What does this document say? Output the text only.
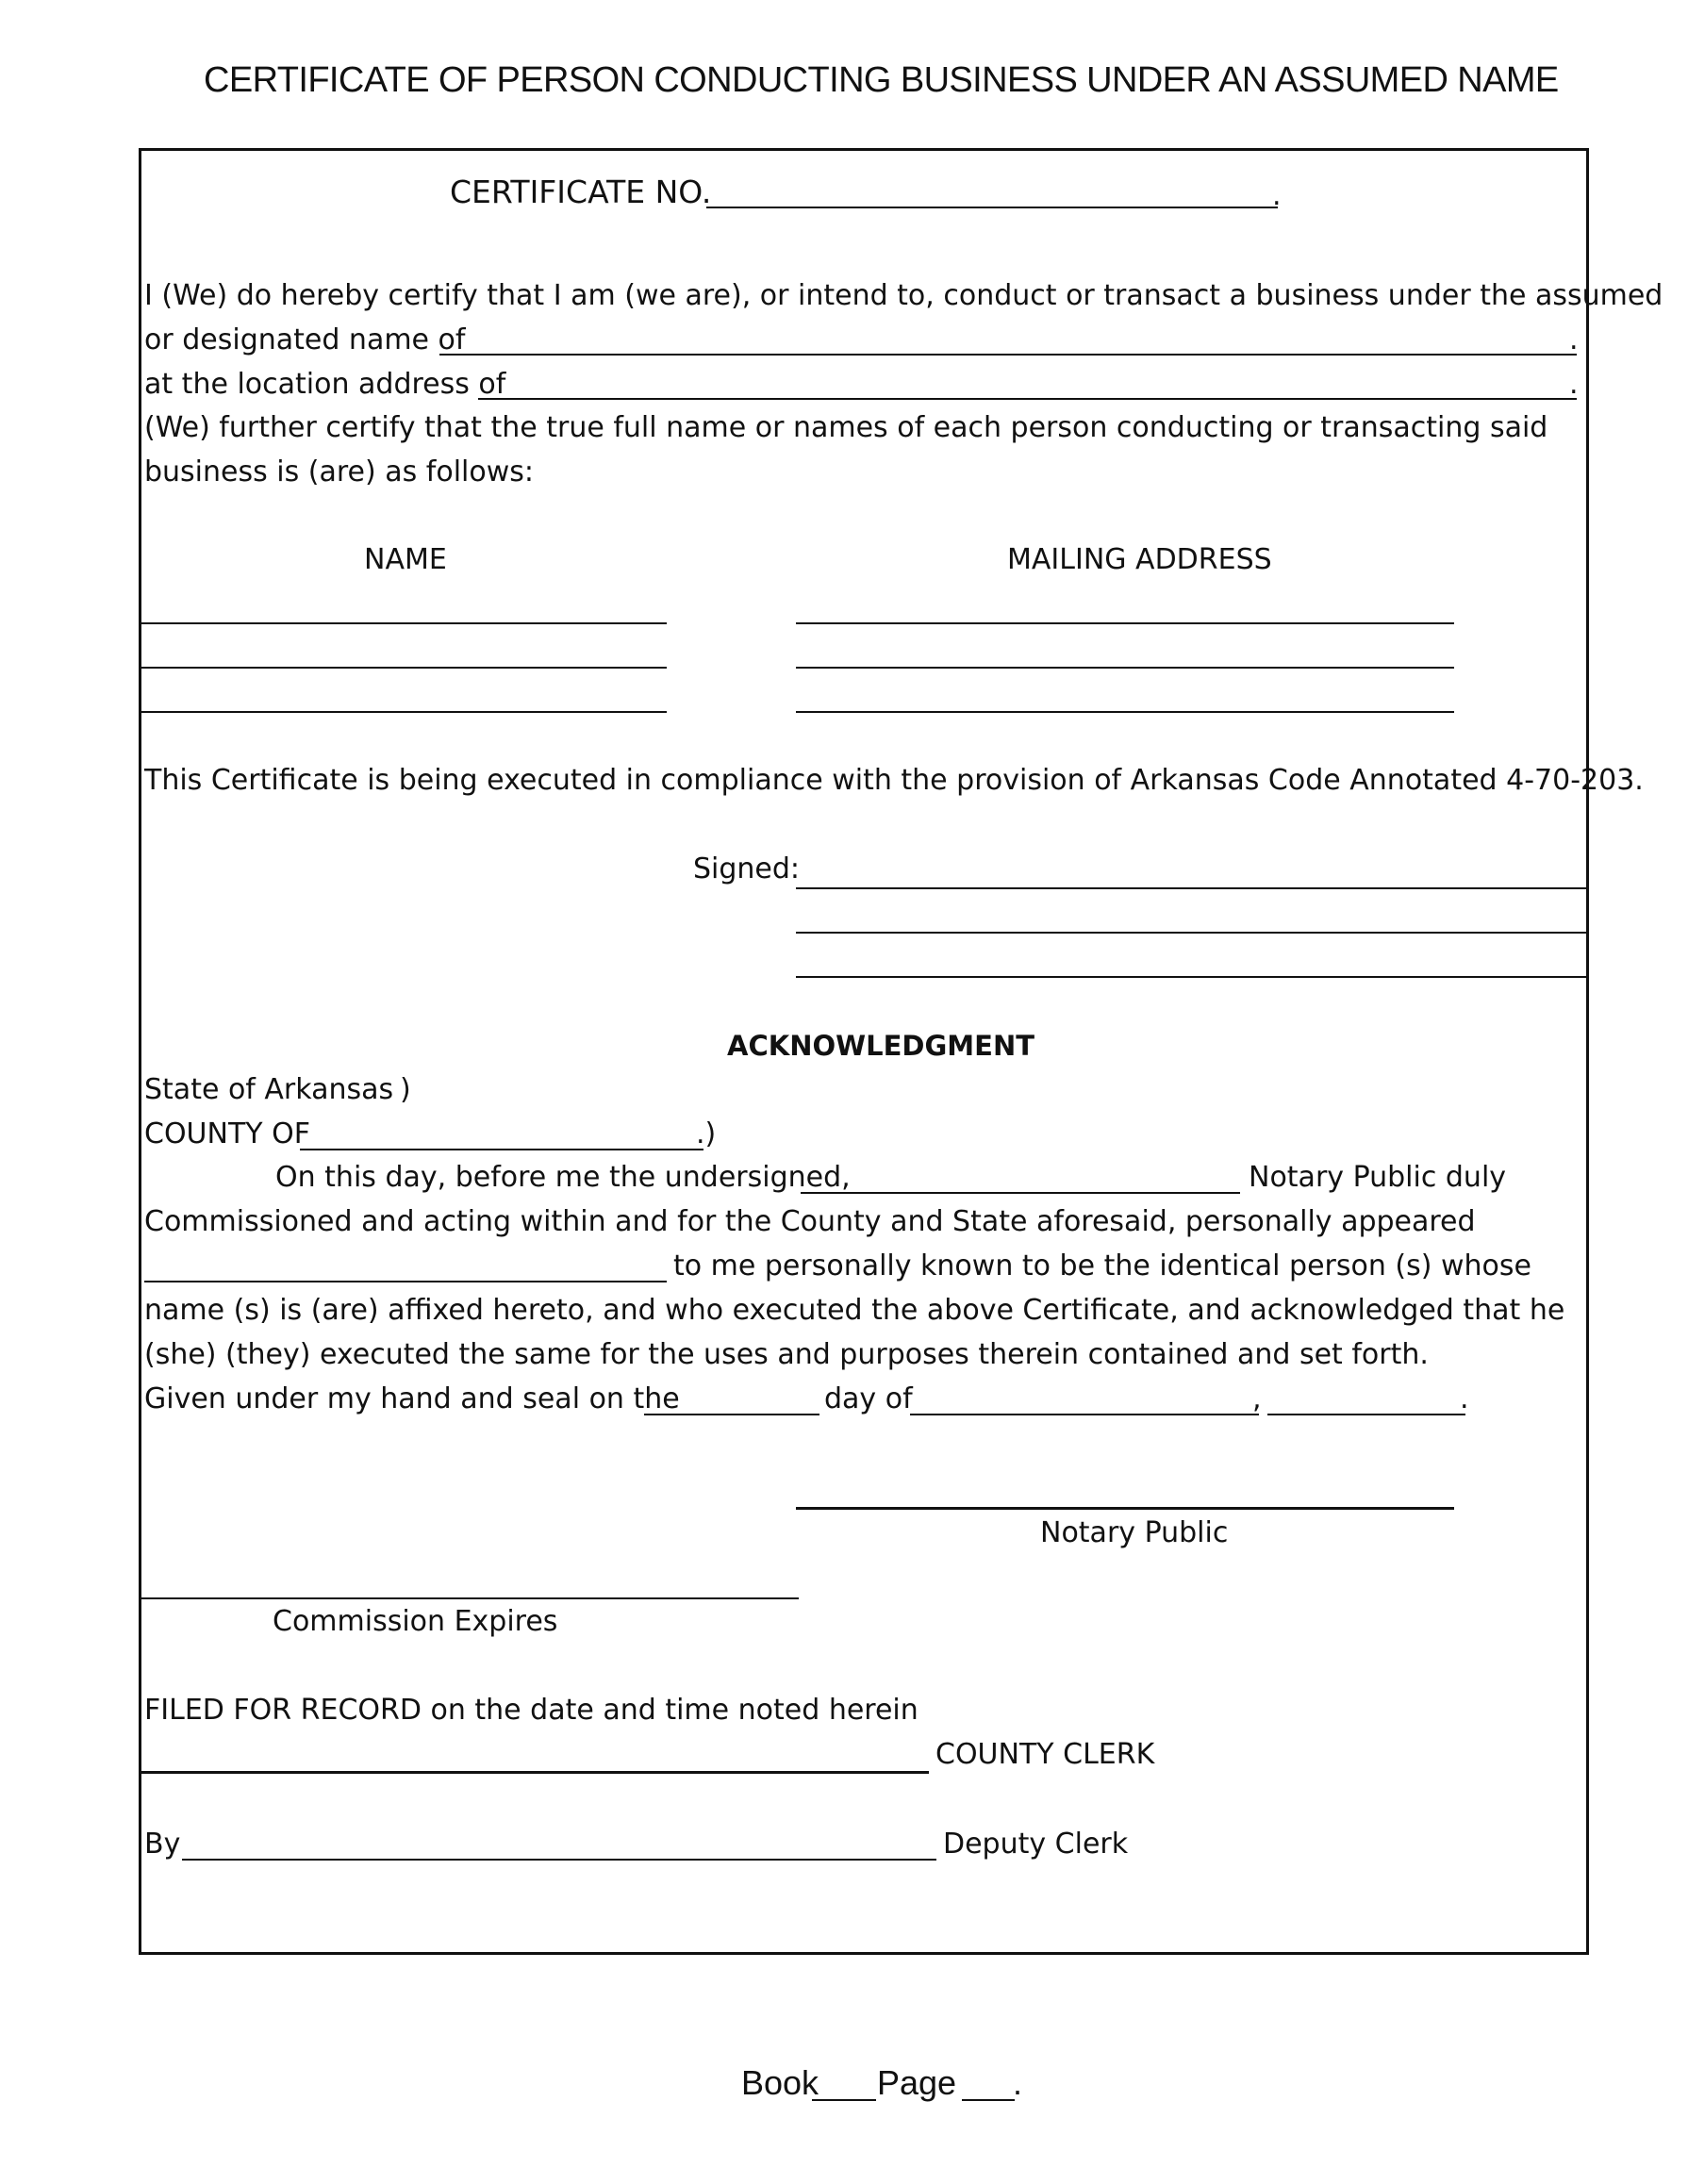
CERTIFICATE OF PERSON CONDUCTING BUSINESS UNDER AN ASSUMED NAME
CERTIFICATE NO.	.
I (We) do hereby certify that I am (we are), or intend to, conduct or transact a business under the assumed
or designated name of	.
at the location address of	.
(We) further certify that the true full name or names of each person conducting or transacting said
business is (are) as follows:
NAME	MAILING ADDRESS
This Certificate is being executed in compliance with the provision of Arkansas Code Annotated 4-70-203.
Signed:
ACKNOWLEDGMENT
State of Arkansas )
COUNTY OF	.)
On this day, before me the undersigned,	Notary Public duly
Commissioned and acting within and for the County and State aforesaid, personally appeared
to me personally known to be the identical person (s) whose
name (s) is (are) affixed hereto, and who executed the above Certificate, and acknowledged that he
(she) (they) executed the same for the uses and purposes therein contained and set forth.
Given under my hand and seal on the	day of	,	.
Notary Public
Commission Expires
FILED FOR RECORD on the date and time noted herein
COUNTY CLERK
By	Deputy Clerk
Book Page .
